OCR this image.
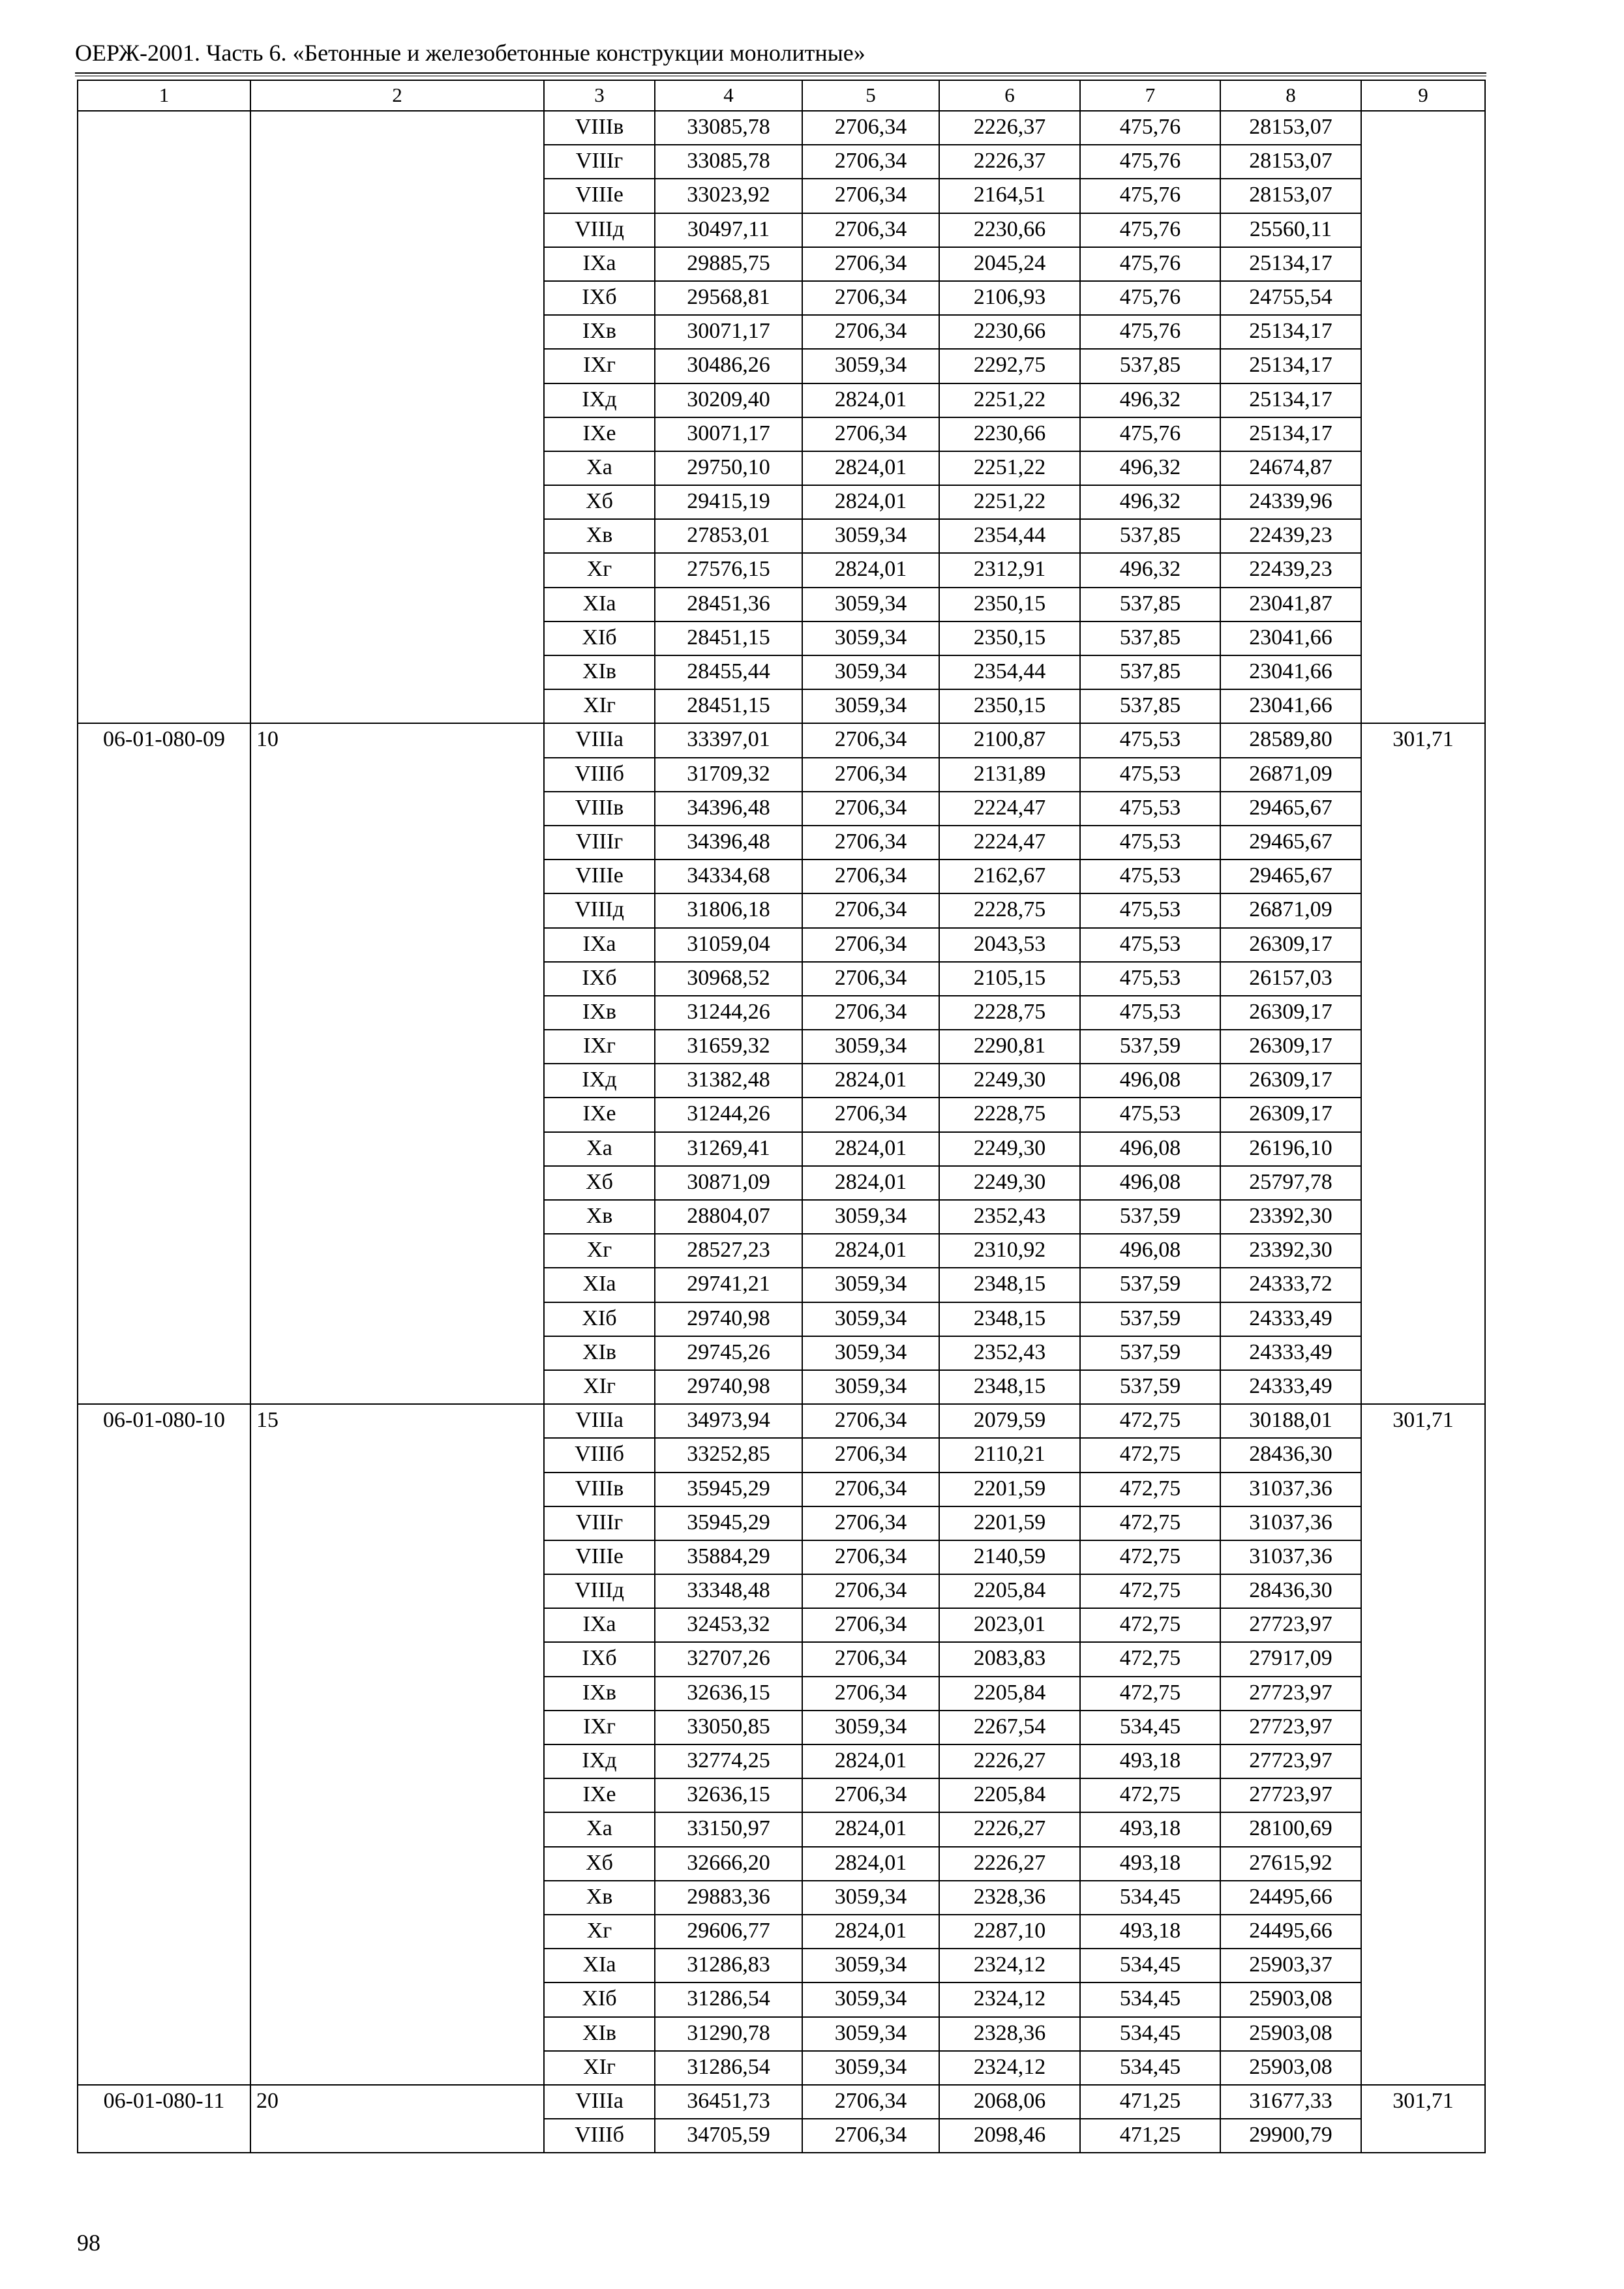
ОЕРЖ-2001. Часть 6. «Бетонные и железобетонные конструкции монолитные»
1	2	3	4	5	6	7	8	9
		VIIIв	33085,78	2706,34	2226,37	475,76	28153,07	
		VIIIг	33085,78	2706,34	2226,37	475,76	28153,07	
		VIIIе	33023,92	2706,34	2164,51	475,76	28153,07	
		VIIIд	30497,11	2706,34	2230,66	475,76	25560,11	
		IXа	29885,75	2706,34	2045,24	475,76	25134,17	
		IXб	29568,81	2706,34	2106,93	475,76	24755,54	
		IXв	30071,17	2706,34	2230,66	475,76	25134,17	
		IXг	30486,26	3059,34	2292,75	537,85	25134,17	
		IXд	30209,40	2824,01	2251,22	496,32	25134,17	
		IXе	30071,17	2706,34	2230,66	475,76	25134,17	
		Xа	29750,10	2824,01	2251,22	496,32	24674,87	
		Xб	29415,19	2824,01	2251,22	496,32	24339,96	
		Xв	27853,01	3059,34	2354,44	537,85	22439,23	
		Xг	27576,15	2824,01	2312,91	496,32	22439,23	
		XIа	28451,36	3059,34	2350,15	537,85	23041,87	
		XIб	28451,15	3059,34	2350,15	537,85	23041,66	
		XIв	28455,44	3059,34	2354,44	537,85	23041,66	
		XIг	28451,15	3059,34	2350,15	537,85	23041,66	
06-01-080-09	10	VIIIа	33397,01	2706,34	2100,87	475,53	28589,80	301,71
		VIIIб	31709,32	2706,34	2131,89	475,53	26871,09	
		VIIIв	34396,48	2706,34	2224,47	475,53	29465,67	
		VIIIг	34396,48	2706,34	2224,47	475,53	29465,67	
		VIIIе	34334,68	2706,34	2162,67	475,53	29465,67	
		VIIIд	31806,18	2706,34	2228,75	475,53	26871,09	
		IXа	31059,04	2706,34	2043,53	475,53	26309,17	
		IXб	30968,52	2706,34	2105,15	475,53	26157,03	
		IXв	31244,26	2706,34	2228,75	475,53	26309,17	
		IXг	31659,32	3059,34	2290,81	537,59	26309,17	
		IXд	31382,48	2824,01	2249,30	496,08	26309,17	
		IXе	31244,26	2706,34	2228,75	475,53	26309,17	
		Xа	31269,41	2824,01	2249,30	496,08	26196,10	
		Xб	30871,09	2824,01	2249,30	496,08	25797,78	
		Xв	28804,07	3059,34	2352,43	537,59	23392,30	
		Xг	28527,23	2824,01	2310,92	496,08	23392,30	
		XIа	29741,21	3059,34	2348,15	537,59	24333,72	
		XIб	29740,98	3059,34	2348,15	537,59	24333,49	
		XIв	29745,26	3059,34	2352,43	537,59	24333,49	
		XIг	29740,98	3059,34	2348,15	537,59	24333,49	
06-01-080-10	15	VIIIа	34973,94	2706,34	2079,59	472,75	30188,01	301,71
		VIIIб	33252,85	2706,34	2110,21	472,75	28436,30	
		VIIIв	35945,29	2706,34	2201,59	472,75	31037,36	
		VIIIг	35945,29	2706,34	2201,59	472,75	31037,36	
		VIIIе	35884,29	2706,34	2140,59	472,75	31037,36	
		VIIIд	33348,48	2706,34	2205,84	472,75	28436,30	
		IXа	32453,32	2706,34	2023,01	472,75	27723,97	
		IXб	32707,26	2706,34	2083,83	472,75	27917,09	
		IXв	32636,15	2706,34	2205,84	472,75	27723,97	
		IXг	33050,85	3059,34	2267,54	534,45	27723,97	
		IXд	32774,25	2824,01	2226,27	493,18	27723,97	
		IXе	32636,15	2706,34	2205,84	472,75	27723,97	
		Xа	33150,97	2824,01	2226,27	493,18	28100,69	
		Xб	32666,20	2824,01	2226,27	493,18	27615,92	
		Xв	29883,36	3059,34	2328,36	534,45	24495,66	
		Xг	29606,77	2824,01	2287,10	493,18	24495,66	
		XIа	31286,83	3059,34	2324,12	534,45	25903,37	
		XIб	31286,54	3059,34	2324,12	534,45	25903,08	
		XIв	31290,78	3059,34	2328,36	534,45	25903,08	
		XIг	31286,54	3059,34	2324,12	534,45	25903,08	
06-01-080-11	20	VIIIа	36451,73	2706,34	2068,06	471,25	31677,33	301,71
		VIIIб	34705,59	2706,34	2098,46	471,25	29900,79	
98
